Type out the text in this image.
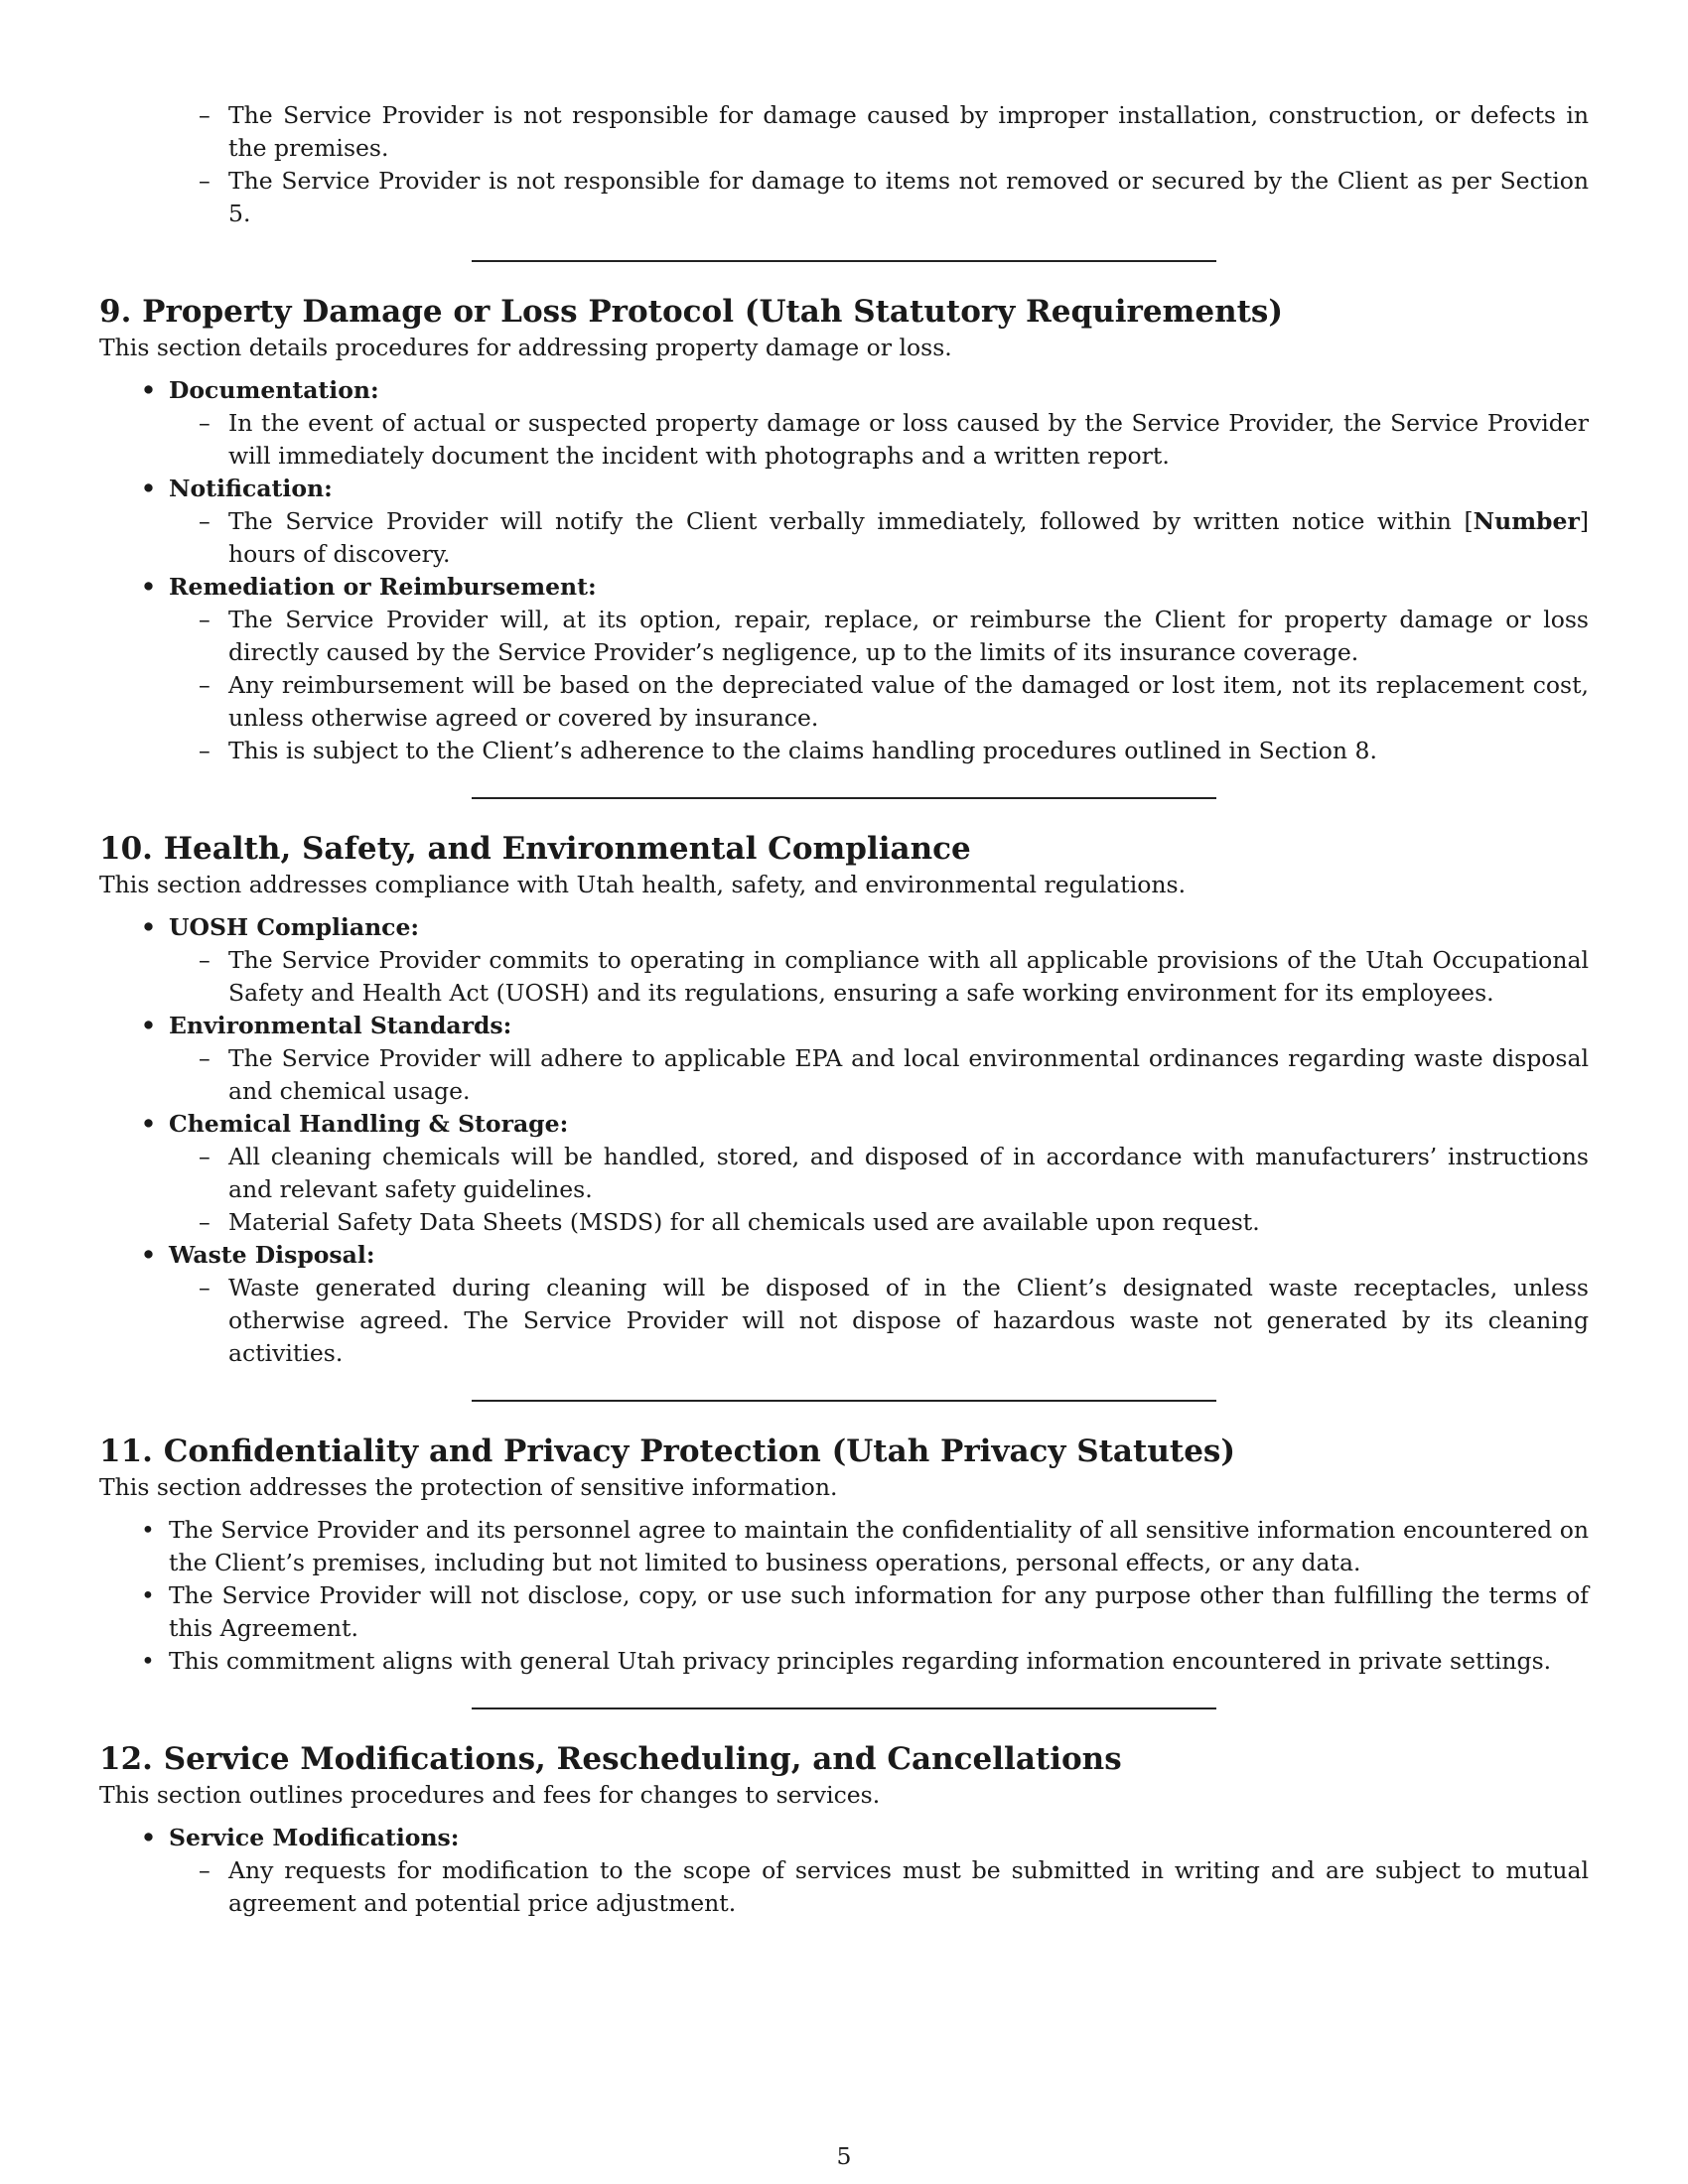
– The Service Provider is not responsible for damage caused by improper installation, construction, or defects in the premises.
– The Service Provider is not responsible for damage to items not removed or secured by the Client as per Section 5.
9. Property Damage or Loss Protocol (Utah Statutory Requirements)

This section details procedures for addressing property damage or loss.

• Documentation:
– In the event of actual or suspected property damage or loss caused by the Service Provider, the Service Provider will immediately document the incident with photographs and a written report.
• Notification:
– The Service Provider will notify the Client verbally immediately, followed by written notice within [Number] hours of discovery.
• Remediation or Reimbursement:
– The Service Provider will, at its option, repair, replace, or reimburse the Client for property damage or loss directly caused by the Service Provider’s negligence, up to the limits of its insurance coverage.
– Any reimbursement will be based on the depreciated value of the damaged or lost item, not its replacement cost, unless otherwise agreed or covered by insurance.
– This is subject to the Client’s adherence to the claims handling procedures outlined in Section 8.
10. Health, Safety, and Environmental Compliance

This section addresses compliance with Utah health, safety, and environmental regulations.

• UOSH Compliance:
– The Service Provider commits to operating in compliance with all applicable provisions of the Utah Occupational Safety and Health Act (UOSH) and its regulations, ensuring a safe working environment for its employees.
• Environmental Standards:
– The Service Provider will adhere to applicable EPA and local environmental ordinances regarding waste disposal and chemical usage.
• Chemical Handling & Storage:
– All cleaning chemicals will be handled, stored, and disposed of in accordance with manufacturers’ instructions and relevant safety guidelines.
– Material Safety Data Sheets (MSDS) for all chemicals used are available upon request.
• Waste Disposal:
– Waste generated during cleaning will be disposed of in the Client’s designated waste receptacles, unless otherwise agreed. The Service Provider will not dispose of hazardous waste not generated by its cleaning activities.
11. Confidentiality and Privacy Protection (Utah Privacy Statutes)

This section addresses the protection of sensitive information.

• The Service Provider and its personnel agree to maintain the confidentiality of all sensitive information encountered on the Client’s premises, including but not limited to business operations, personal effects, or any data.
• The Service Provider will not disclose, copy, or use such information for any purpose other than fulfilling the terms of this Agreement.
• This commitment aligns with general Utah privacy principles regarding information encountered in private settings.
12. Service Modifications, Rescheduling, and Cancellations

This section outlines procedures and fees for changes to services.

• Service Modifications:
– Any requests for modification to the scope of services must be submitted in writing and are subject to mutual agreement and potential price adjustment.
5
